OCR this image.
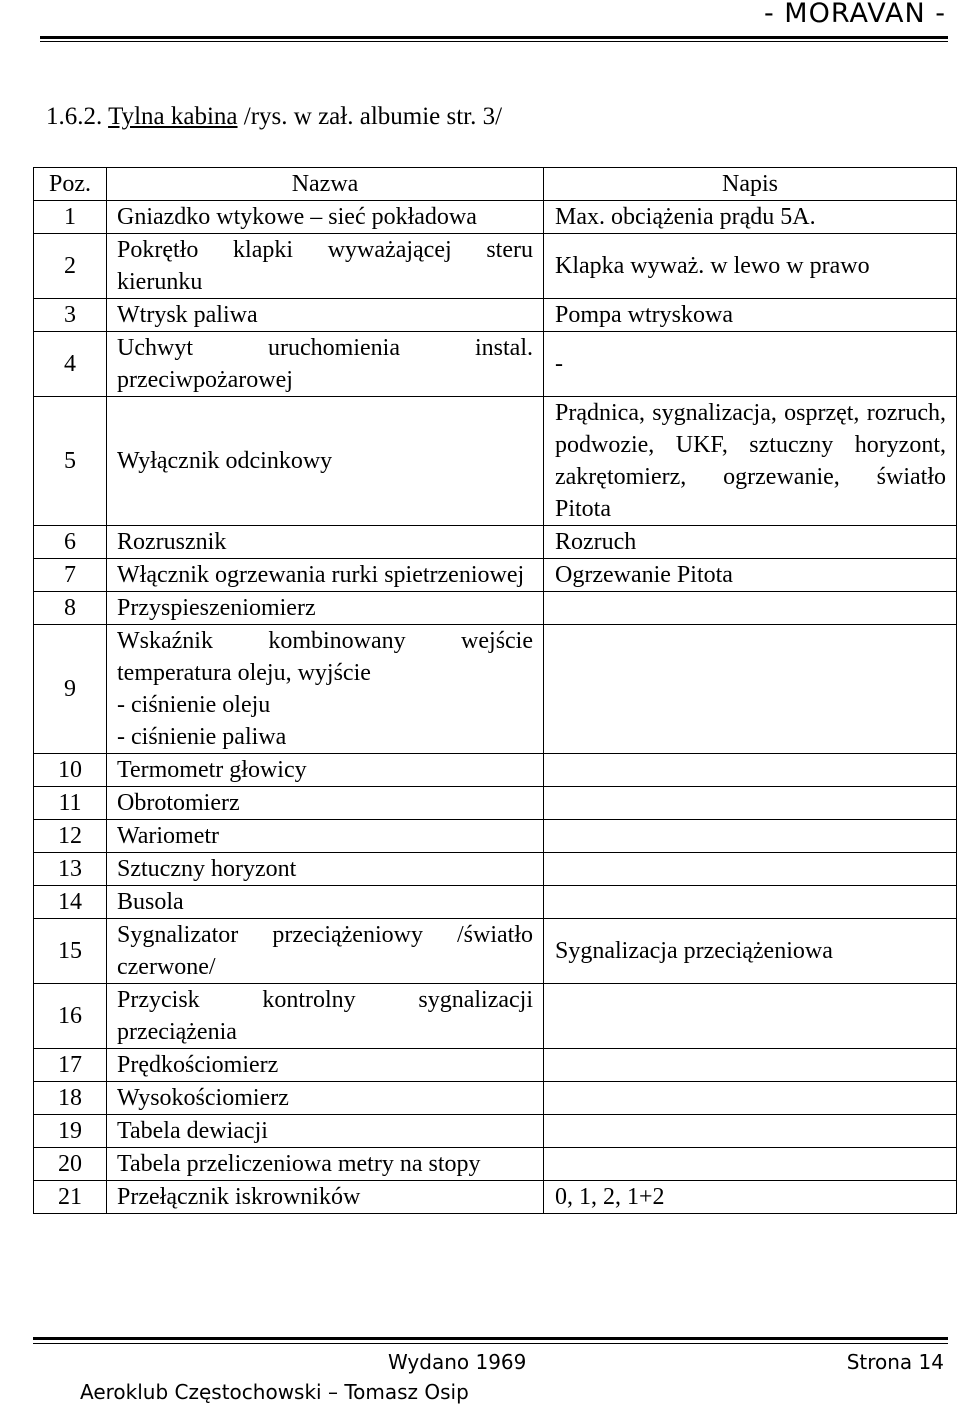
- MORAVAN -
1.6.2. Tylna kabina /rys. w zał. albumie str. 3/
Poz.	Nazwa	Napis
1	Gniazdko wtykowe – sieć pokładowa	Max. obciążenia prądu 5A.
2	Pokrętło klapki wyważającej steru kierunku	Klapka wyważ. w lewo w prawo
3	Wtrysk paliwa	Pompa wtryskowa
4	Uchwyt uruchomienia instal. przeciwpożarowej	-
5	Wyłącznik odcinkowy	Prądnica, sygnalizacja, osprzęt, rozruch, podwozie, UKF, sztuczny horyzont, zakrętomierz, ogrzewanie, światło Pitota
6	Rozrusznik	Rozruch
7	Włącznik ogrzewania rurki spietrzeniowej	Ogrzewanie Pitota
8	Przyspieszeniomierz	
9	Wskaźnik kombinowany wejście temperatura oleju, wyjście
- ciśnienie oleju
- ciśnienie paliwa	
10	Termometr głowicy	
11	Obrotomierz	
12	Wariometr	
13	Sztuczny horyzont	
14	Busola	
15	Sygnalizator przeciążeniowy /światło czerwone/	Sygnalizacja przeciążeniowa
16	Przycisk kontrolny sygnalizacji przeciążenia	
17	Prędkościomierz	
18	Wysokościomierz	
19	Tabela dewiacji	
20	Tabela przeliczeniowa metry na stopy	
21	Przełącznik iskrowników	0, 1, 2, 1+2
Wydano 1969	Strona 14
Aeroklub Częstochowski – Tomasz Osip
